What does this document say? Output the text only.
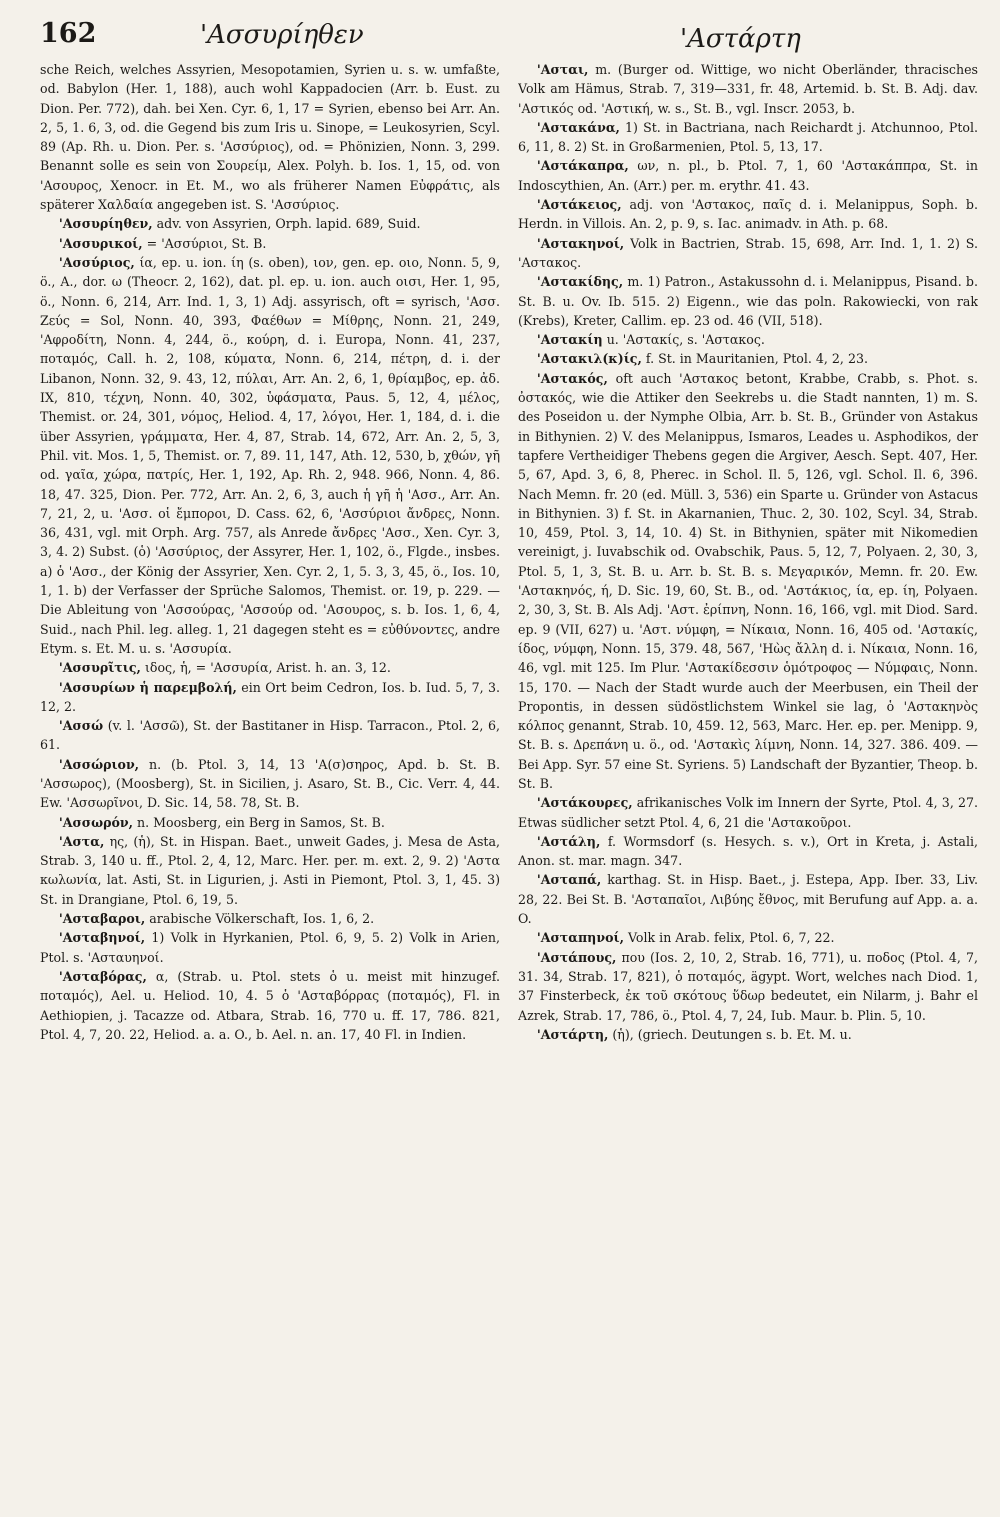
162	'Ασσυρίηθεν	'Αστάρτη

sche Reich, welches Assyrien, Mesopotamien, Syrien u. s. w. umfaßte, od. Babylon (Her. 1, 188), auch wohl Kappadocien (Arr. b. Eust. zu Dion. Per. 772), dah. bei Xen. Cyr. 6, 1, 17 = Syrien, ebenso bei Arr. An. 2, 5, 1. 6, 3, od. die Gegend bis zum Iris u. Sinope, = Leukosyrien, Scyl. 89 (Ap. Rh. u. Dion. Per. s. 'Ασσύριος), od. = Phönizien, Nonn. 3, 299. Benannt solle es sein von Σουρείμ, Alex. Polyh. b. Ios. 1, 15, od. von 'Ασουρος, Xenocr. in Et. M., wo als früherer Namen Εὐφράτις, als späterer Χαλδαία angegeben ist. S. 'Ασσύριος.

'Ασσυρίηθεν, adv. von Assyrien, Orph. lapid. 689, Suid.

'Ασσυρικοί, = 'Ασσύριοι, St. B.

'Ασσύριος, ία, ep. u. ion. ίη (s. oben), ιον, gen. ep. οιο, Nonn. 5, 9, ö., A., dor. ω (Theocr. 2, 162), dat. pl. ep. u. ion. auch οισι, Her. 1, 95, ö., Nonn. 6, 214, Arr. Ind. 1, 3, 1) Adj. assyrisch, oft = syrisch, 'Ασσ. Ζεύς = Sol, Nonn. 40, 393, Φαέθων = Μίθρης, Nonn. 21, 249, 'Αφροδίτη, Nonn. 4, 244, ö., κούρη, d. i. Europa, Nonn. 41, 237, ποταμός, Call. h. 2, 108, κύματα, Nonn. 6, 214, πέτρη, d. i. der Libanon, Nonn. 32, 9. 43, 12, πύλαι, Arr. An. 2, 6, 1, θρίαμβος, ep. ἀδ. IX, 810, τέχνη, Nonn. 40, 302, ὑφάσματα, Paus. 5, 12, 4, μέλος, Themist. or. 24, 301, νόμος, Heliod. 4, 17, λόγοι, Her. 1, 184, d. i. die über Assyrien, γράμματα, Her. 4, 87, Strab. 14, 672, Arr. An. 2, 5, 3, Phil. vit. Mos. 1, 5, Themist. or. 7, 89. 11, 147, Ath. 12, 530, b, χθών, γῆ od. γαῖα, χώρα, πατρίς, Her. 1, 192, Ap. Rh. 2, 948. 966, Nonn. 4, 86. 18, 47. 325, Dion. Per. 772, Arr. An. 2, 6, 3, auch ἡ γῆ ἡ 'Ασσ., Arr. An. 7, 21, 2, u. 'Ασσ. οἱ ἔμποροι, D. Cass. 62, 6, 'Ασσύριοι ἄνδρες, Nonn. 36, 431, vgl. mit Orph. Arg. 757, als Anrede ἄνδρες 'Ασσ., Xen. Cyr. 3, 3, 4. 2) Subst. (ὁ) 'Ασσύριος, der Assyrer, Her. 1, 102, ö., Flgde., insbes. a) ὁ 'Ασσ., der König der Assyrier, Xen. Cyr. 2, 1, 5. 3, 3, 45, ö., Ios. 10, 1, 1. b) der Verfasser der Sprüche Salomos, Themist. or. 19, p. 229. — Die Ableitung von 'Ασσούρας, 'Ασσούρ od. 'Ασουρος, s. b. Ios. 1, 6, 4, Suid., nach Phil. leg. alleg. 1, 21 dagegen steht es = εὐθύνοντες, andre Etym. s. Et. M. u. s. 'Ασσυρία.

'Ασσυρῖτις, ιδος, ἡ, = 'Ασσυρία, Arist. h. an. 3, 12.

'Ασσυρίων ἡ παρεμβολή, ein Ort beim Cedron, Ios. b. Iud. 5, 7, 3. 12, 2.

'Ασσώ (v. l. 'Ασσῶ), St. der Bastitaner in Hisp. Tarracon., Ptol. 2, 6, 61.

'Ασσώριον, n. (b. Ptol. 3, 14, 13 'Α(σ)σηρος, Apd. b. St. B. 'Ασσωρος), (Moosberg), St. in Sicilien, j. Asaro, St. B., Cic. Verr. 4, 44. Ew. 'Ασσωρῖνοι, D. Sic. 14, 58. 78, St. B.

'Ασσωρόν, n. Moosberg, ein Berg in Samos, St. B.

'Αστα, ης, (ἡ), St. in Hispan. Baet., unweit Gades, j. Mesa de Asta, Strab. 3, 140 u. ff., Ptol. 2, 4, 12, Marc. Her. per. m. ext. 2, 9. 2) 'Αστα κωλωνία, lat. Asti, St. in Ligurien, j. Asti in Piemont, Ptol. 3, 1, 45. 3) St. in Drangiane, Ptol. 6, 19, 5.

'Ασταβαροι, arabische Völkerschaft, Ios. 1, 6, 2.

'Ασταβηνοί, 1) Volk in Hyrkanien, Ptol. 6, 9, 5. 2) Volk in Arien, Ptol. s. 'Ασταυηνοί.

'Ασταβόρας, α, (Strab. u. Ptol. stets ὁ u. meist mit hinzugef. ποταμός), Ael. u. Heliod. 10, 4. 5 ὁ 'Ασταβόρρας (ποταμός), Fl. in Aethiopien, j. Tacazze od. Atbara, Strab. 16, 770 u. ff. 17, 786. 821, Ptol. 4, 7, 20. 22, Heliod. a. a. O., b. Ael. n. an. 17, 40 Fl. in Indien.

'Ασται, m. (Burger od. Wittige, wo nicht Oberländer, thracisches Volk am Hämus, Strab. 7, 319—331, fr. 48, Artemid. b. St. B. Adj. dav. 'Αστικός od. 'Αστική, w. s., St. B., vgl. Inscr. 2053, b.

'Αστακάνα, 1) St. in Bactriana, nach Reichardt j. Atchunnoo, Ptol. 6, 11, 8. 2) St. in Großarmenien, Ptol. 5, 13, 17.

'Αστάκαπρα, ων, n. pl., b. Ptol. 7, 1, 60 'Αστακάππρα, St. in Indoscythien, An. (Arr.) per. m. erythr. 41. 43.

'Αστάκειος, adj. von 'Αστακος, παῖς d. i. Melanippus, Soph. b. Herdn. in Villois. An. 2, p. 9, s. Iac. animadv. in Ath. p. 68.

'Αστακηνοί, Volk in Bactrien, Strab. 15, 698, Arr. Ind. 1, 1. 2) S. 'Αστακος.

'Αστακίδης, m. 1) Patron., Astakussohn d. i. Melanippus, Pisand. b. St. B. u. Ov. Ib. 515. 2) Eigenn., wie das poln. Rakowiecki, von rak (Krebs), Kreter, Callim. ep. 23 od. 46 (VII, 518).

'Αστακίη u. 'Αστακίς, s. 'Αστακος.

'Αστακιλ(κ)ίς, f. St. in Mauritanien, Ptol. 4, 2, 23.

'Αστακός, oft auch 'Αστακος betont, Krabbe, Crabb, s. Phot. s. ὀστακός, wie die Attiker den Seekrebs u. die Stadt nannten, 1) m. S. des Poseidon u. der Nymphe Olbia, Arr. b. St. B., Gründer von Astakus in Bithynien. 2) V. des Melanippus, Ismaros, Leades u. Asphodikos, der tapfere Vertheidiger Thebens gegen die Argiver, Aesch. Sept. 407, Her. 5, 67, Apd. 3, 6, 8, Pherec. in Schol. Il. 5, 126, vgl. Schol. Il. 6, 396. Nach Memn. fr. 20 (ed. Müll. 3, 536) ein Sparte u. Gründer von Astacus in Bithynien. 3) f. St. in Akarnanien, Thuc. 2, 30. 102, Scyl. 34, Strab. 10, 459, Ptol. 3, 14, 10. 4) St. in Bithynien, später mit Nikomedien vereinigt, j. Iuvabschik od. Ovabschik, Paus. 5, 12, 7, Polyaen. 2, 30, 3, Ptol. 5, 1, 3, St. B. u. Arr. b. St. B. s. Μεγαρικόν, Memn. fr. 20. Ew. 'Αστακηνός, ή, D. Sic. 19, 60, St. B., od. 'Αστάκιος, ία, ep. ίη, Polyaen. 2, 30, 3, St. B. Als Adj. 'Αστ. ἐρίπνη, Nonn. 16, 166, vgl. mit Diod. Sard. ep. 9 (VII, 627) u. 'Αστ. νύμφη, = Νίκαια, Nonn. 16, 405 od. 'Αστακίς, ίδος, νύμφη, Nonn. 15, 379. 48, 567, 'Ηὼς ἄλλη d. i. Νίκαια, Nonn. 16, 46, vgl. mit 125. Im Plur. 'Αστακίδεσσιν ὁμότροφος — Νύμφαις, Nonn. 15, 170. — Nach der Stadt wurde auch der Meerbusen, ein Theil der Propontis, in dessen südöstlichstem Winkel sie lag, ὁ 'Ασταкηνὸς κόλπος genannt, Strab. 10, 459. 12, 563, Marc. Her. ep. per. Menipp. 9, St. B. s. Δρεπάνη u. ö., od. 'Αστακὶς λίμνη, Nonn. 14, 327. 386. 409. — Bei App. Syr. 57 eine St. Syriens. 5) Landschaft der Byzantier, Theop. b. St. B.

'Αστάκουρες, afrikanisches Volk im Innern der Syrte, Ptol. 4, 3, 27. Etwas südlicher setzt Ptol. 4, 6, 21 die 'Αστακοῦροι.

'Αστάλη, f. Wormsdorf (s. Hesych. s. v.), Ort in Kreta, j. Astali, Anon. st. mar. magn. 347.

'Ασταπά, karthag. St. in Hisp. Baet., j. Estepa, App. Iber. 33, Liv. 28, 22. Bei St. B. 'Ασταπαῖοι, Λιβύης ἔθνος, mit Berufung auf App. a. a. O.

'Ασταπηνοί, Volk in Arab. felix, Ptol. 6, 7, 22.

'Αστάπους, που (Ios. 2, 10, 2, Strab. 16, 771), u. ποδος (Ptol. 4, 7, 31. 34, Strab. 17, 821), ὁ ποταμός, ägypt. Wort, welches nach Diod. 1, 37 Finsterbeck, ἐκ τοῦ σκότους ὕδωρ bedeutet, ein Nilarm, j. Bahr el Azrek, Strab. 17, 786, ö., Ptol. 4, 7, 24, Iub. Maur. b. Plin. 5, 10.

'Αστάρτη, (ἡ), (griech. Deutungen s. b. Et. M. u.
